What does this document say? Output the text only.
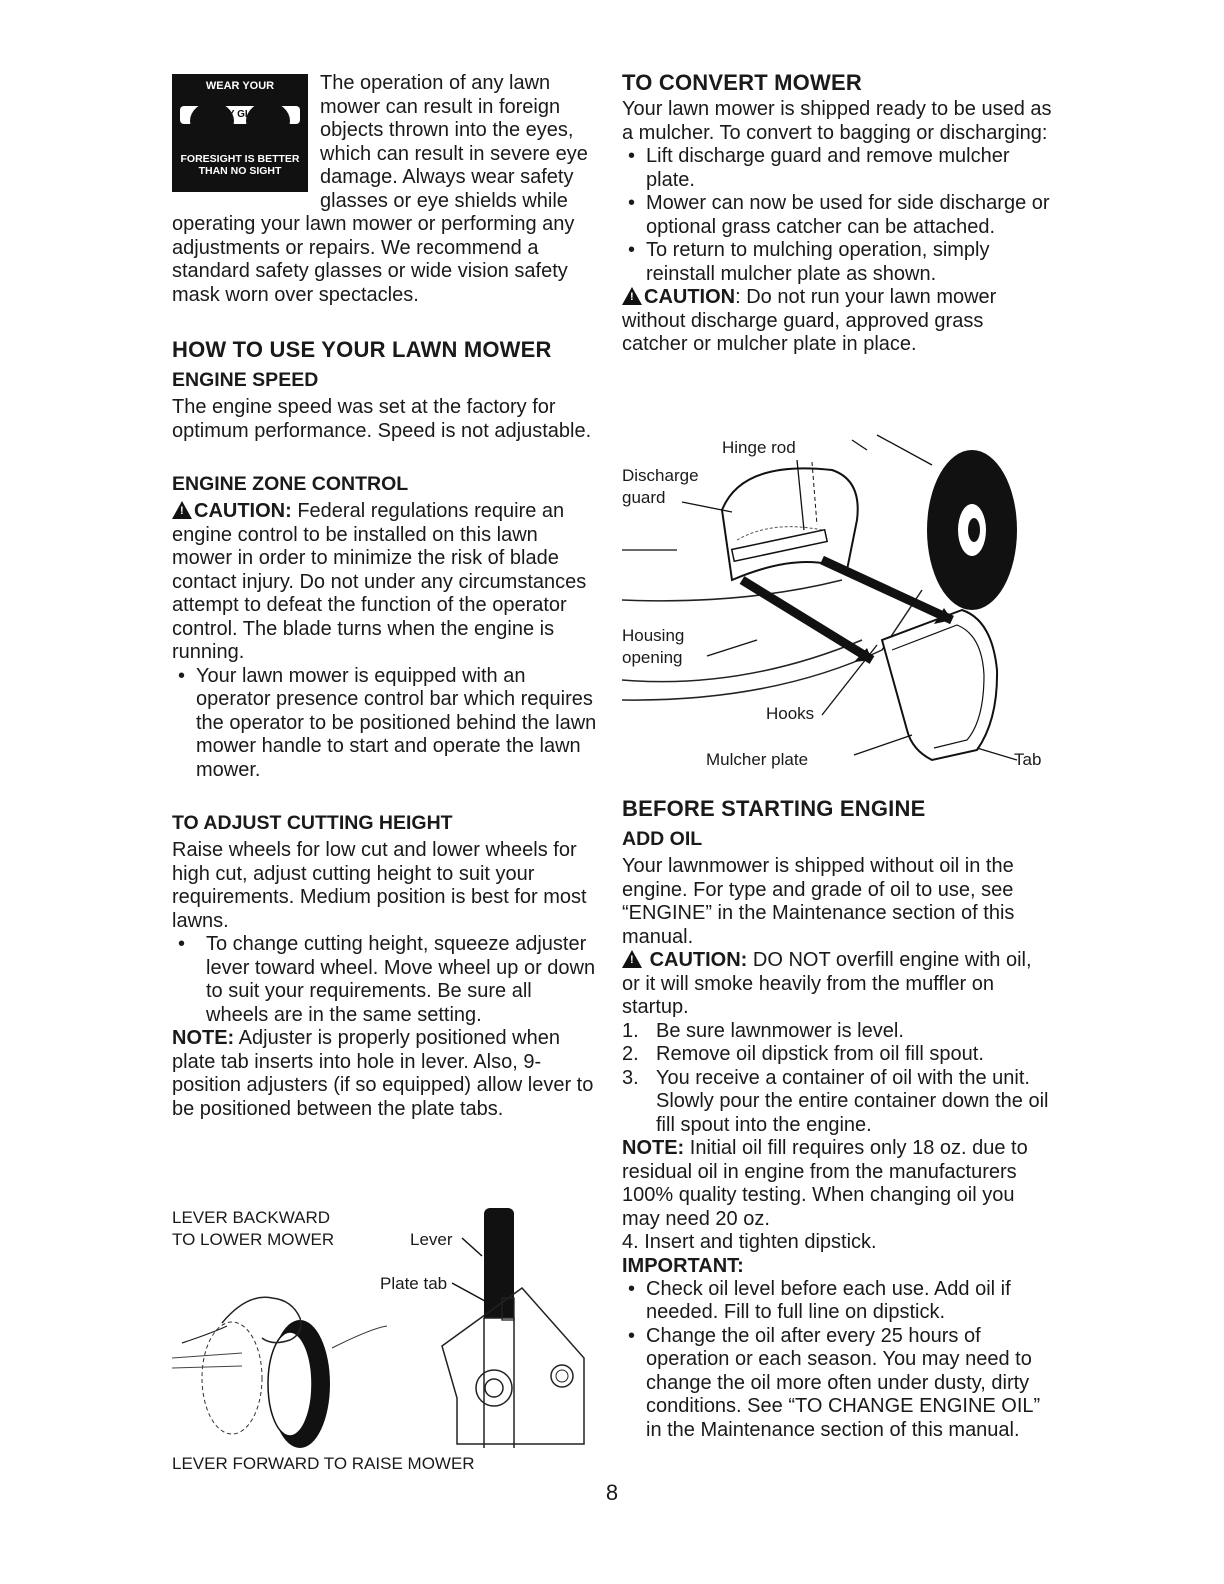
WEAR YOUR
SAFETY GLASSES
FORESIGHT IS BETTER
THAN NO SIGHT

The operation of any lawn mower can result in foreign objects thrown into the eyes, which can result in severe eye damage. Always wear safety glasses or eye shields while operating your lawn mower or performing any adjustments or repairs. We recommend a standard safety glasses or wide vision safety mask worn over spectacles.

HOW TO USE YOUR LAWN MOWER
ENGINE SPEED

The engine speed was set at the factory for optimum performance. Speed is not adjustable.

ENGINE ZONE CONTROL

!CAUTION: Federal regulations require an engine control to be installed on this lawn mower in order to minimize the risk of blade contact injury. Do not under any circumstances attempt to defeat the function of the operator control. The blade turns when the engine is running.

• Your lawn mower is equipped with an operator presence control bar which requires the operator to be positioned behind the lawn mower handle to start and operate the lawn mower.
TO ADJUST CUTTING HEIGHT

Raise wheels for low cut and lower wheels for high cut, adjust cutting height to suit your requirements. Medium position is best for most lawns.

• To change cutting height, squeeze adjuster lever toward wheel. Move wheel up or down to suit your requirements. Be sure all wheels are in the same setting.

NOTE: Adjuster is properly positioned when plate tab inserts into hole in lever. Also, 9-position adjusters (if so equipped) allow lever to be positioned between the plate tabs.

LEVER BACKWARD
TO LOWER MOWER	Lever
Plate tab
LEVER FORWARD TO RAISE MOWER
TO CONVERT MOWER

Your lawn mower is shipped ready to be used as a mulcher. To convert to bagging or discharging:

• Lift discharge guard and remove mulcher plate.
• Mower can now be used for side discharge or optional grass catcher can be attached.
• To return to mulching operation, simply reinstall mulcher plate as shown.

!CAUTION: Do not run your lawn mower without discharge guard, approved grass catcher or mulcher plate in place.

Hinge rod
Discharge
guard
Housing
opening
Hooks
Mulcher plate	Tab
BEFORE STARTING ENGINE
ADD OIL

Your lawnmower is shipped without oil in the engine. For type and grade of oil to use, see “ENGINE” in the Maintenance section of this manual.

! CAUTION: DO NOT overfill engine with oil, or it will smoke heavily from the muffler on startup.

1. Be sure lawnmower is level.
2. Remove oil dipstick from oil fill spout.
3. You receive a container of oil with the unit. Slowly pour the entire container down the oil fill spout into the engine.

NOTE: Initial oil fill requires only 18 oz. due to residual oil in engine from the manufacturers 100% quality testing. When changing oil you may need 20 oz.

4. Insert and tighten dipstick.

IMPORTANT:
• Check oil level before each use. Add oil if needed. Fill to full line on dipstick.
• Change the oil after every 25 hours of operation or each season. You may need to change the oil more often under dusty, dirty conditions. See “TO CHANGE ENGINE OIL” in the Maintenance section of this manual.
8
